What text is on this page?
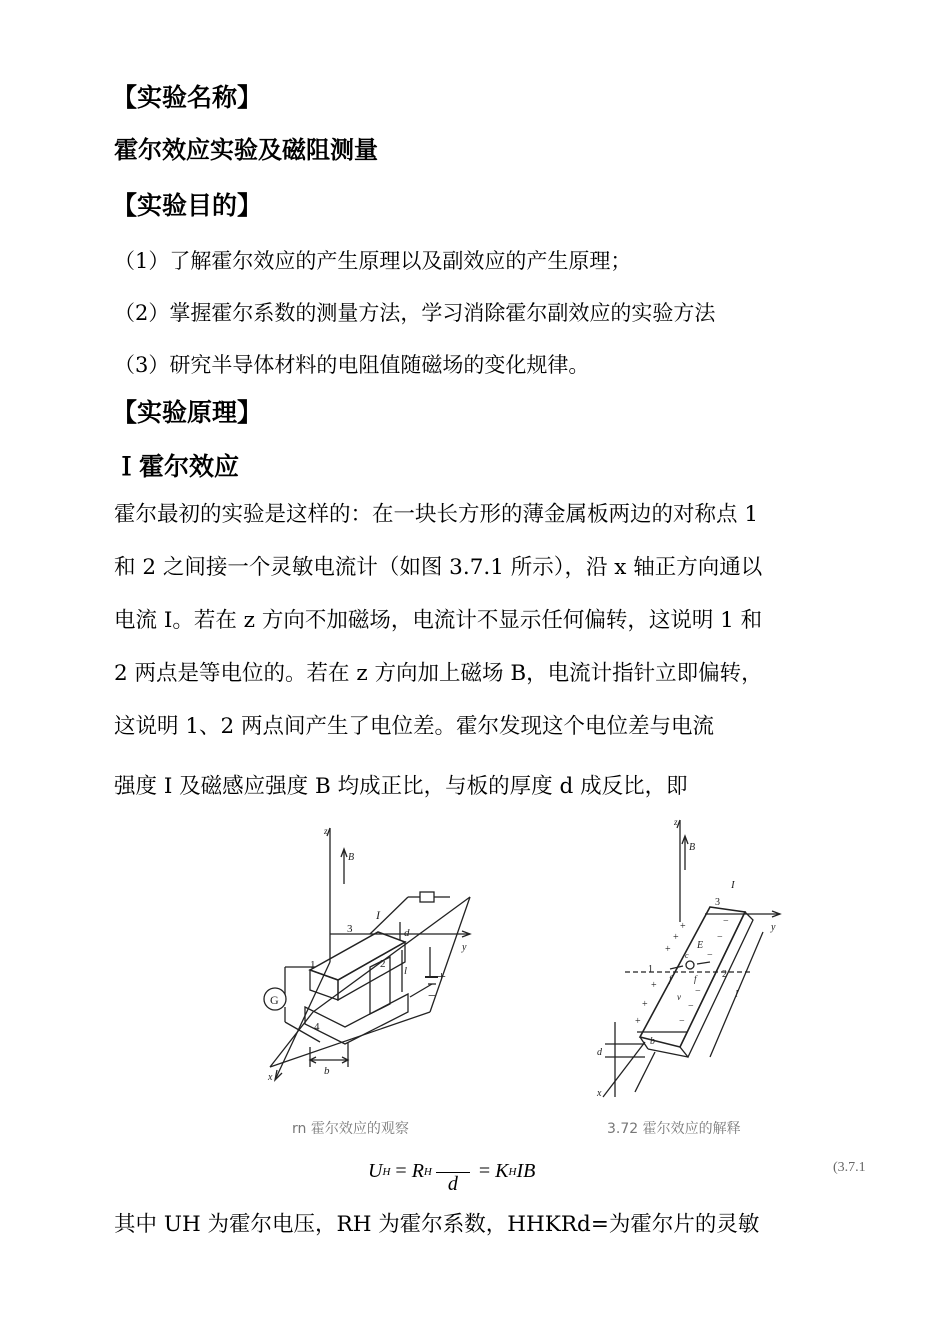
【实验名称】
霍尔效应实验及磁阻测量
【实验目的】
（1）了解霍尔效应的产生原理以及副效应的产生原理；
（2）掌握霍尔系数的测量方法，学习消除霍尔副效应的实验方法
（3）研究半导体材料的电阻值随磁场的变化规律。
【实验原理】
Ｉ霍尔效应
霍尔最初的实验是这样的：在一块长方形的薄金属板两边的对称点 1
和 2 之间接一个灵敏电流计（如图 3.7.1 所示），沿 x 轴正方向通以
电流 I。若在 z 方向不加磁场，电流计不显示任何偏转，这说明 1 和
2 两点是等电位的。若在 z 方向加上磁场 B，电流计指针立即偏转，
这说明 1、2 两点间产生了电位差。霍尔发现这个电位差与电流
强度 I 及磁感应强度 B 均成正比，与板的厚度 d 成反比，即
G
z
B
y
x
I
d
l
b
3
1	2
4
+
−
z
B
y
x
I
E
c
f f
v	l
b
d
3
1	2
+
+
+
+
+
+
−
−
−
−
−
−
rn 霍尔效应的观察	3.72 霍尔效应的解释
U H = R H
d
= K H IB	(3.7.1
其中 UH 为霍尔电压，RH 为霍尔系数，HHKRd=为霍尔片的灵敏
